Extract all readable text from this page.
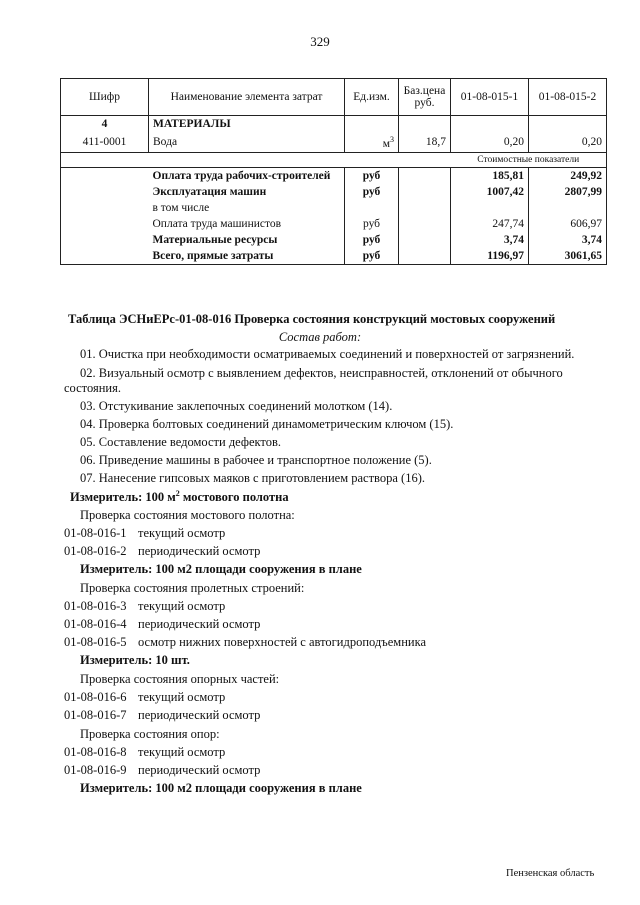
329
Шифр	Наименование элемента затрат	Ед.изм.	Баз.цена руб.	01-08-015-1	01-08-015-2
4	МАТЕРИАЛЫ				
411-0001	Вода	$м^3$	18,7	0,20	0,20
				Стоимостные показатели	
	Оплата труда рабочих-строителей	руб		185,81	249,92
	Эксплуатация машин	руб		1007,42	2807,99
	в том числе				
	Оплата труда машинистов	руб		247,74	606,97
	Материальные ресурсы	руб		3,74	3,74
	Всего, прямые затраты	руб		1196,97	3061,65
Таблица ЭСНиЕРс-01-08-016 Проверка состояния конструкций мостовых сооружений
Состав работ:
01. Очистка при необходимости осматриваемых соединений и поверхностей от загрязнений.
02. Визуальный осмотр с выявлением дефектов, неисправностей, отклонений от обычного
состояния.
03. Отстукивание заклепочных соединений молотком (14).
04. Проверка болтовых соединений динамометрическим ключом (15).
05. Составление ведомости дефектов.
06. Приведение машины в рабочее и транспортное положение (5).
07. Нанесение гипсовых маяков с приготовлением раствора (16).
Измеритель: 100 $м^2$ мостового полотна
Проверка состояния мостового полотна:
01-08-016-1 текущий осмотр
01-08-016-2 периодический осмотр
Измеритель: 100 м2 площади сооружения в плане
Проверка состояния пролетных строений:
01-08-016-3 текущий осмотр
01-08-016-4 периодический осмотр
01-08-016-5 осмотр нижних поверхностей с автогидроподъемника
Измеритель: 10 шт.
Проверка состояния опорных частей:
01-08-016-6 текущий осмотр
01-08-016-7 периодический осмотр
Проверка состояния опор:
01-08-016-8 текущий осмотр
01-08-016-9 периодический осмотр
Измеритель: 100 м2 площади сооружения в плане
Пензенская область
